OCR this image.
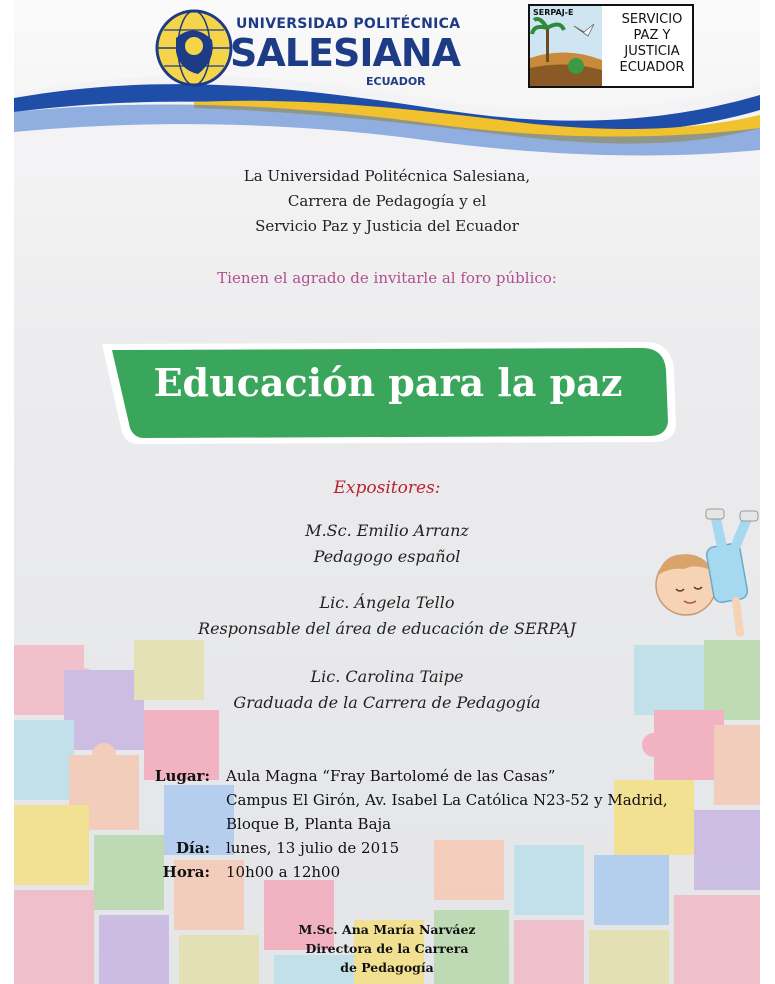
UNIVERSIDAD POLITÉCNICA
SALESIANA
ECUADOR
SERPAJ-E	SERVICIO
PAZ Y
JUSTICIA
ECUADOR
La Universidad Politécnica Salesiana,
Carrera de Pedagogía y el
Servicio Paz y Justicia del Ecuador
Tienen el agrado de invitarle al foro público:
Educación para la paz
Expositores:
M.Sc. Emilio Arranz
Pedagogo español
Lic. Ángela Tello
Responsable del área de educación de SERPAJ
Lic. Carolina Taipe
Graduada de la Carrera de Pedagogía
Lugar: Aula Magna “Fray Bartolomé de las Casas”
Campus El Girón, Av. Isabel La Católica N23-52 y Madrid,
Bloque B, Planta Baja
Día: lunes, 13 julio de 2015
Hora: 10h00 a 12h00
M.Sc. Ana María Narváez
Directora de la Carrera
de Pedagogía
